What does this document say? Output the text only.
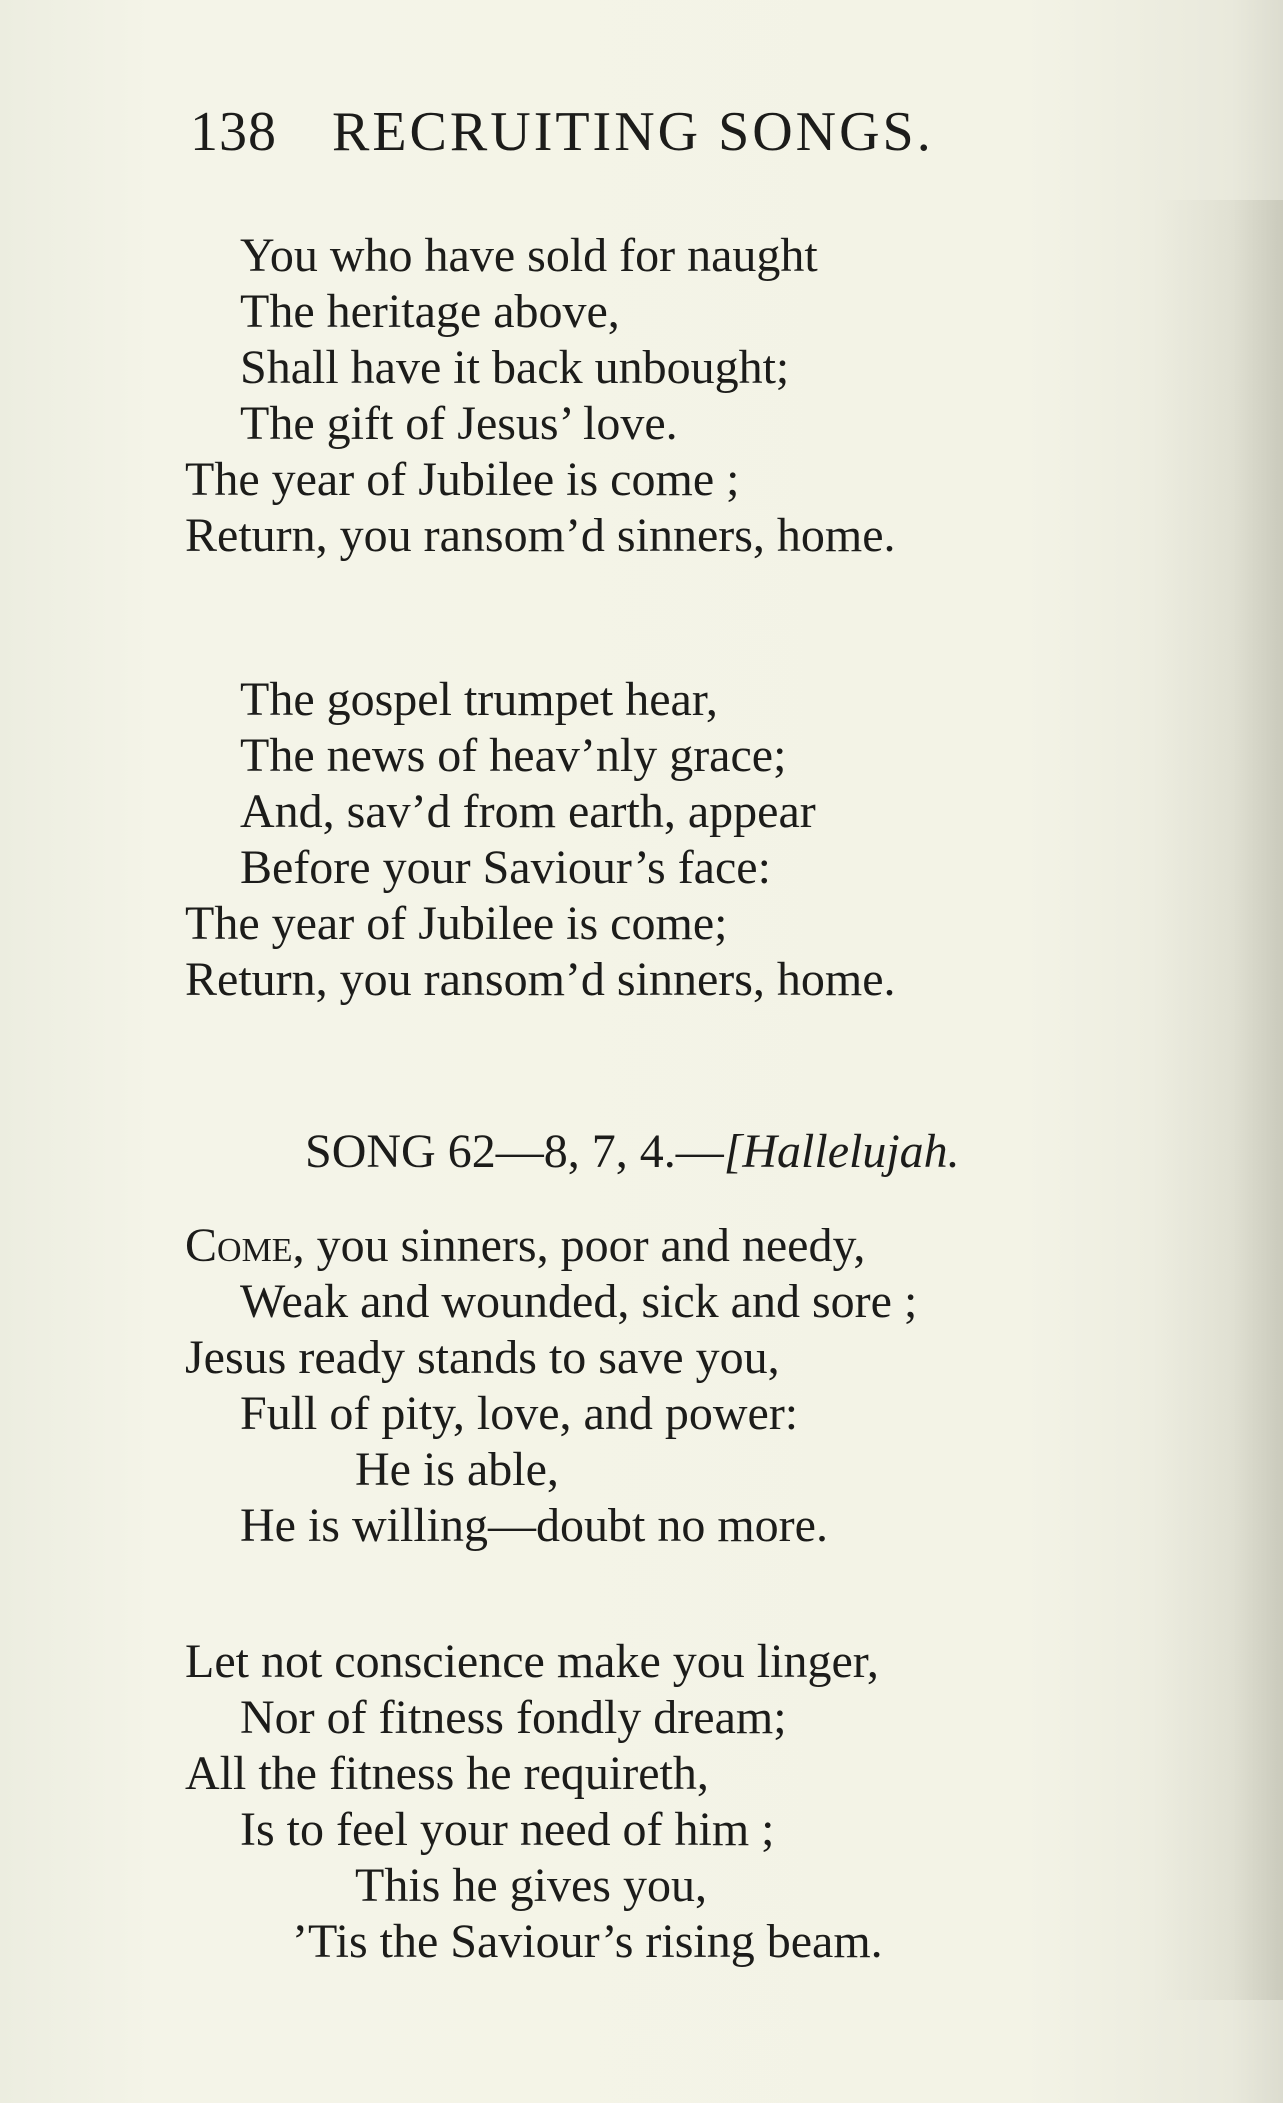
138 RECRUITING SONGS.
You who have sold for naught
The heritage above,
Shall have it back unbought;
The gift of Jesus’ love.
The year of Jubilee is come ;
Return, you ransom’d sinners, home.
The gospel trumpet hear,
The news of heav’nly grace;
And, sav’d from earth, appear
Before your Saviour’s face:
The year of Jubilee is come;
Return, you ransom’d sinners, home.
SONG 62—8, 7, 4.—[Hallelujah.
Come, you sinners, poor and needy,
Weak and wounded, sick and sore ;
Jesus ready stands to save you,
Full of pity, love, and power:
He is able,
He is willing—doubt no more.
Let not conscience make you linger,
Nor of fitness fondly dream;
All the fitness he requireth,
Is to feel your need of him ;
This he gives you,
’Tis the Saviour’s rising beam.
